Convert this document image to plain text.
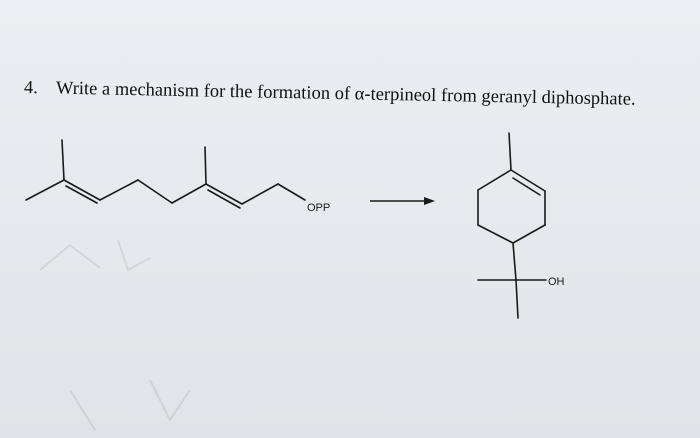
4. Write a mechanism for the formation of α-terpineol from geranyl diphosphate.
OPP
OH
